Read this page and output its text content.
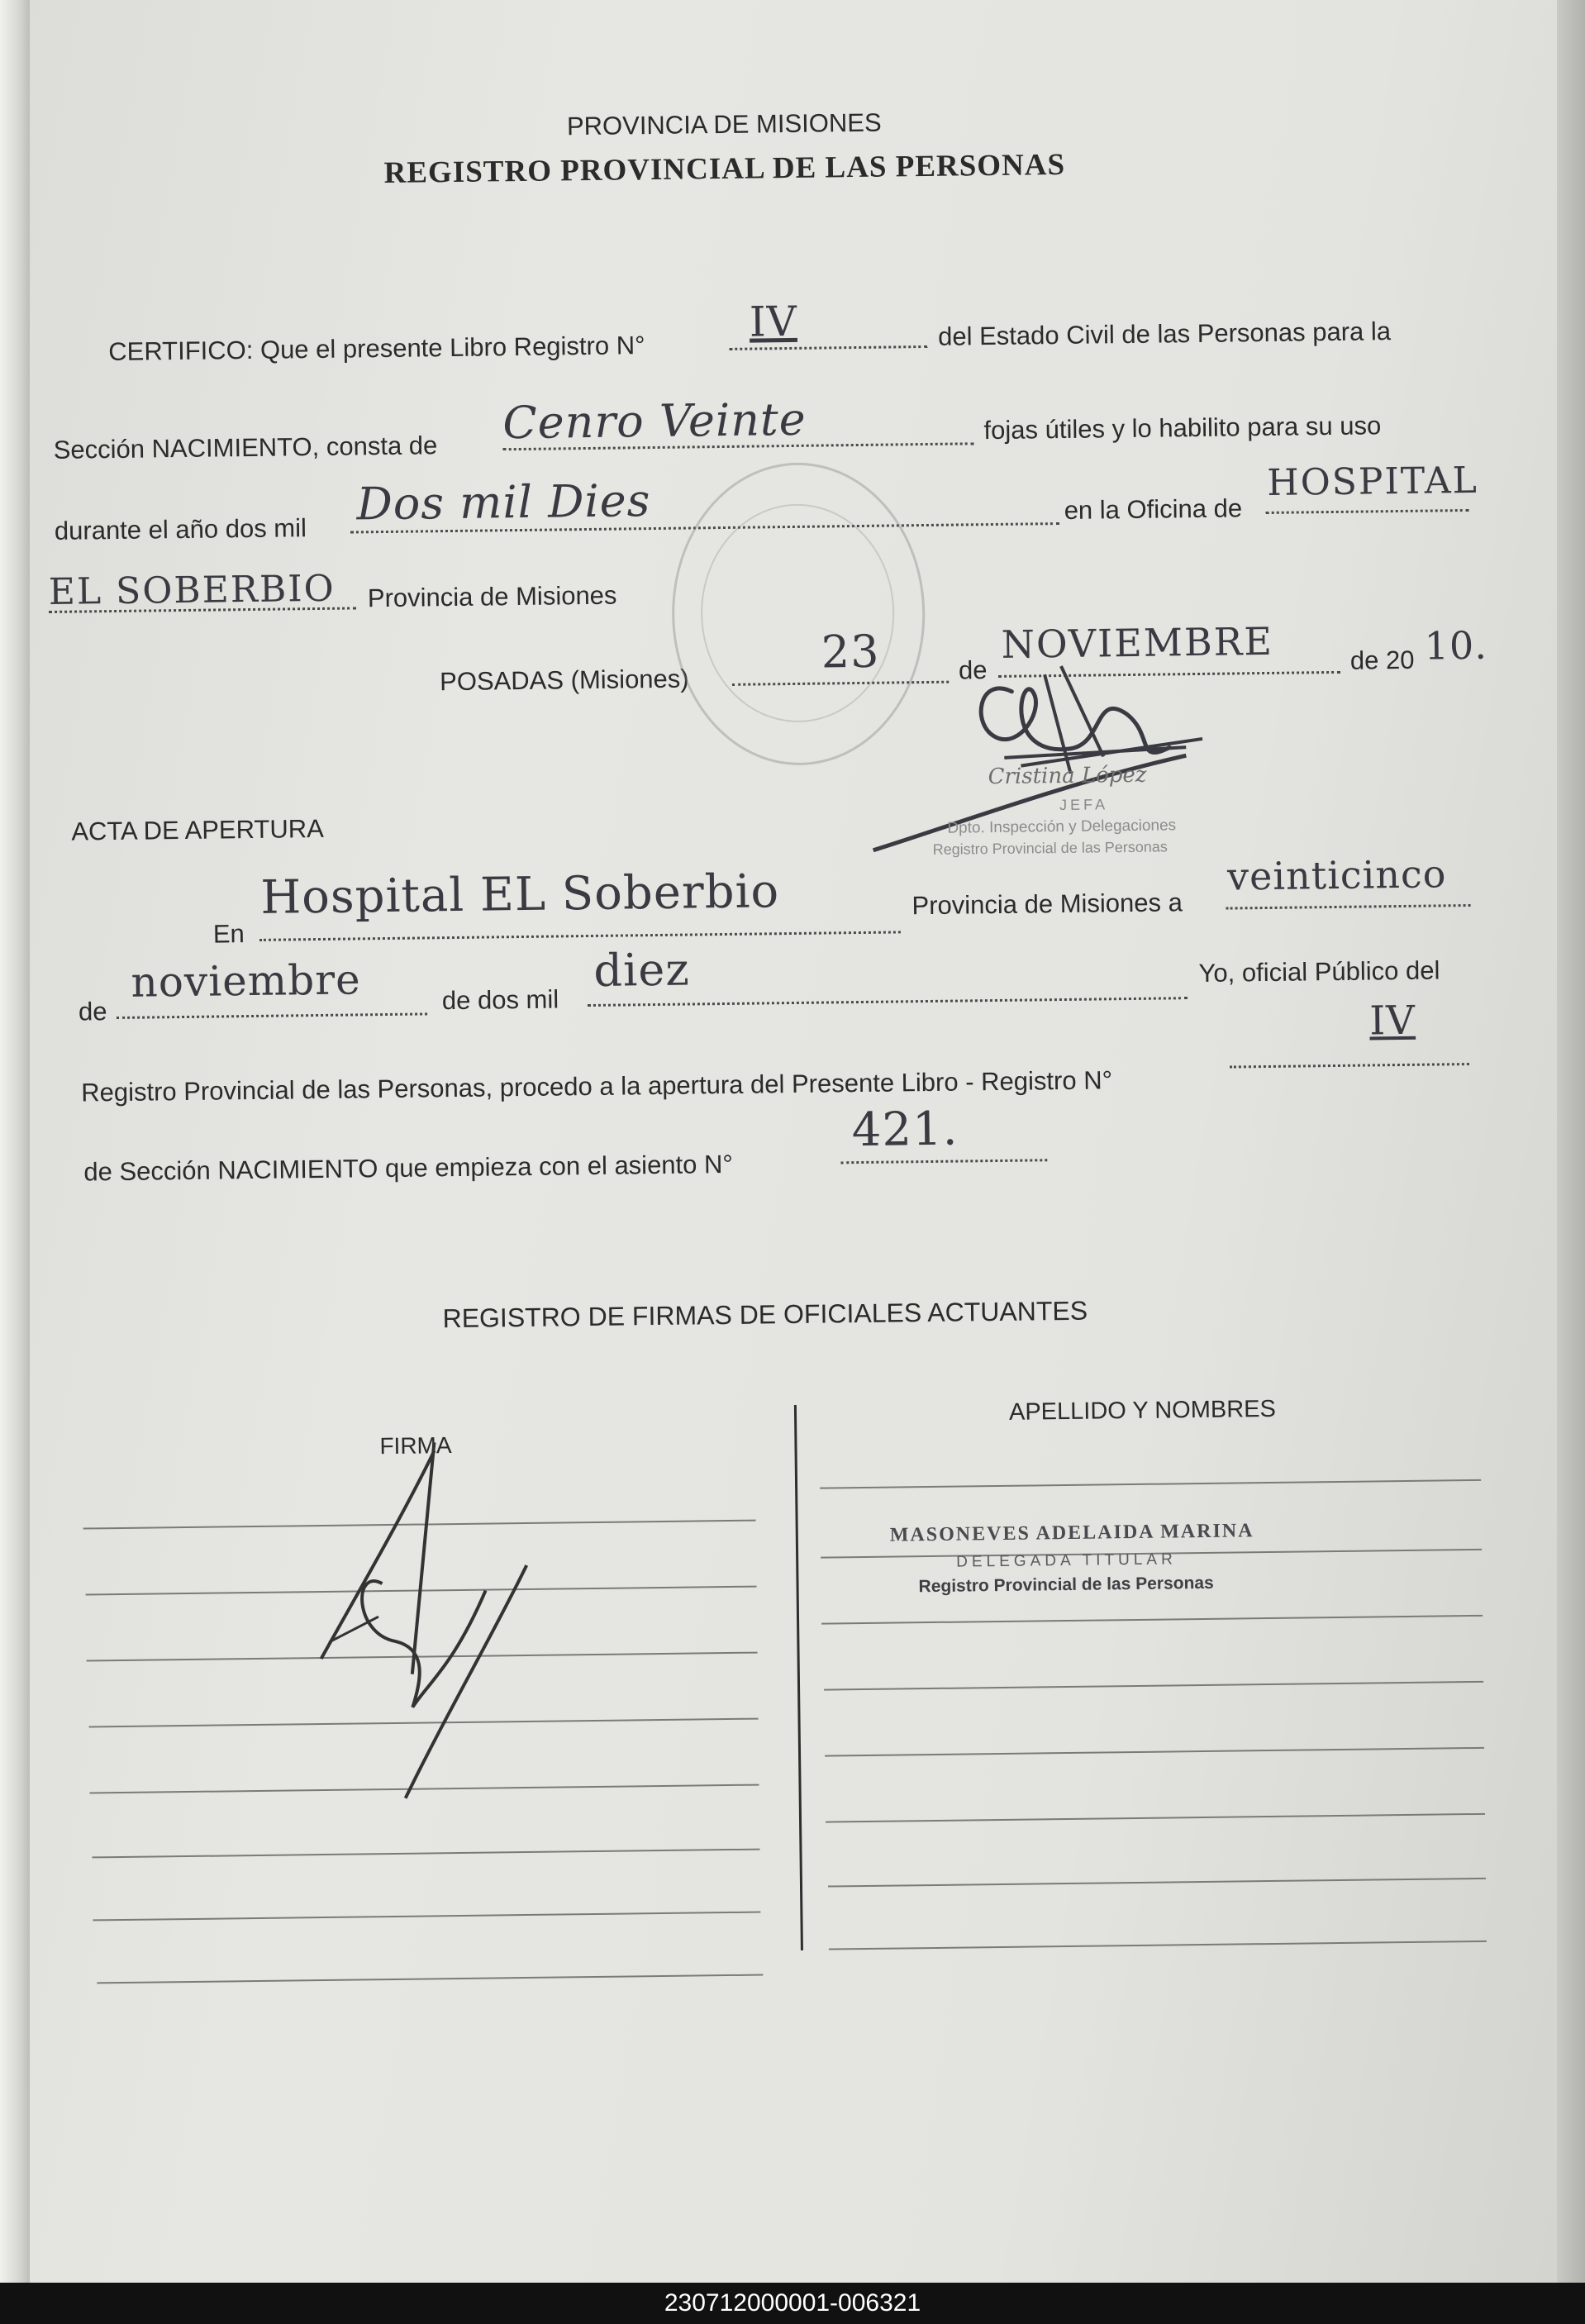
PROVINCIA DE MISIONES
REGISTRO PROVINCIAL DE LAS PERSONAS
CERTIFICO: Que el presente Libro Registro N°
IV	del Estado Civil de las Personas para la
Sección NACIMIENTO, consta de Cenro Veinte	fojas útiles y lo habilito para su uso
durante el año dos mil Dos mil Dies	en la Oficina de
HOSPITAL
EL SOBERBIO Provincia de Misiones
POSADAS (Misiones)
23	de
NOVIEMBRE	de 20 10.
Cristina López
JEFA
Dpto. Inspección y Delegaciones
Registro Provincial de las Personas
ACTA DE APERTURA
En
Hospital EL Soberbio	Provincia de Misiones a
veinticinco
de
noviembre	de dos mil
diez	Yo, oficial Público del
Registro Provincial de las Personas, procedo a la apertura del Presente Libro - Registro N°
IV
de Sección NACIMIENTO que empieza con el asiento N°
421.
REGISTRO DE FIRMAS DE OFICIALES ACTUANTES
FIRMA
APELLIDO Y NOMBRES
MASONEVES ADELAIDA MARINA
DELEGADA TITULAR
Registro Provincial de las Personas
230712000001-006321
